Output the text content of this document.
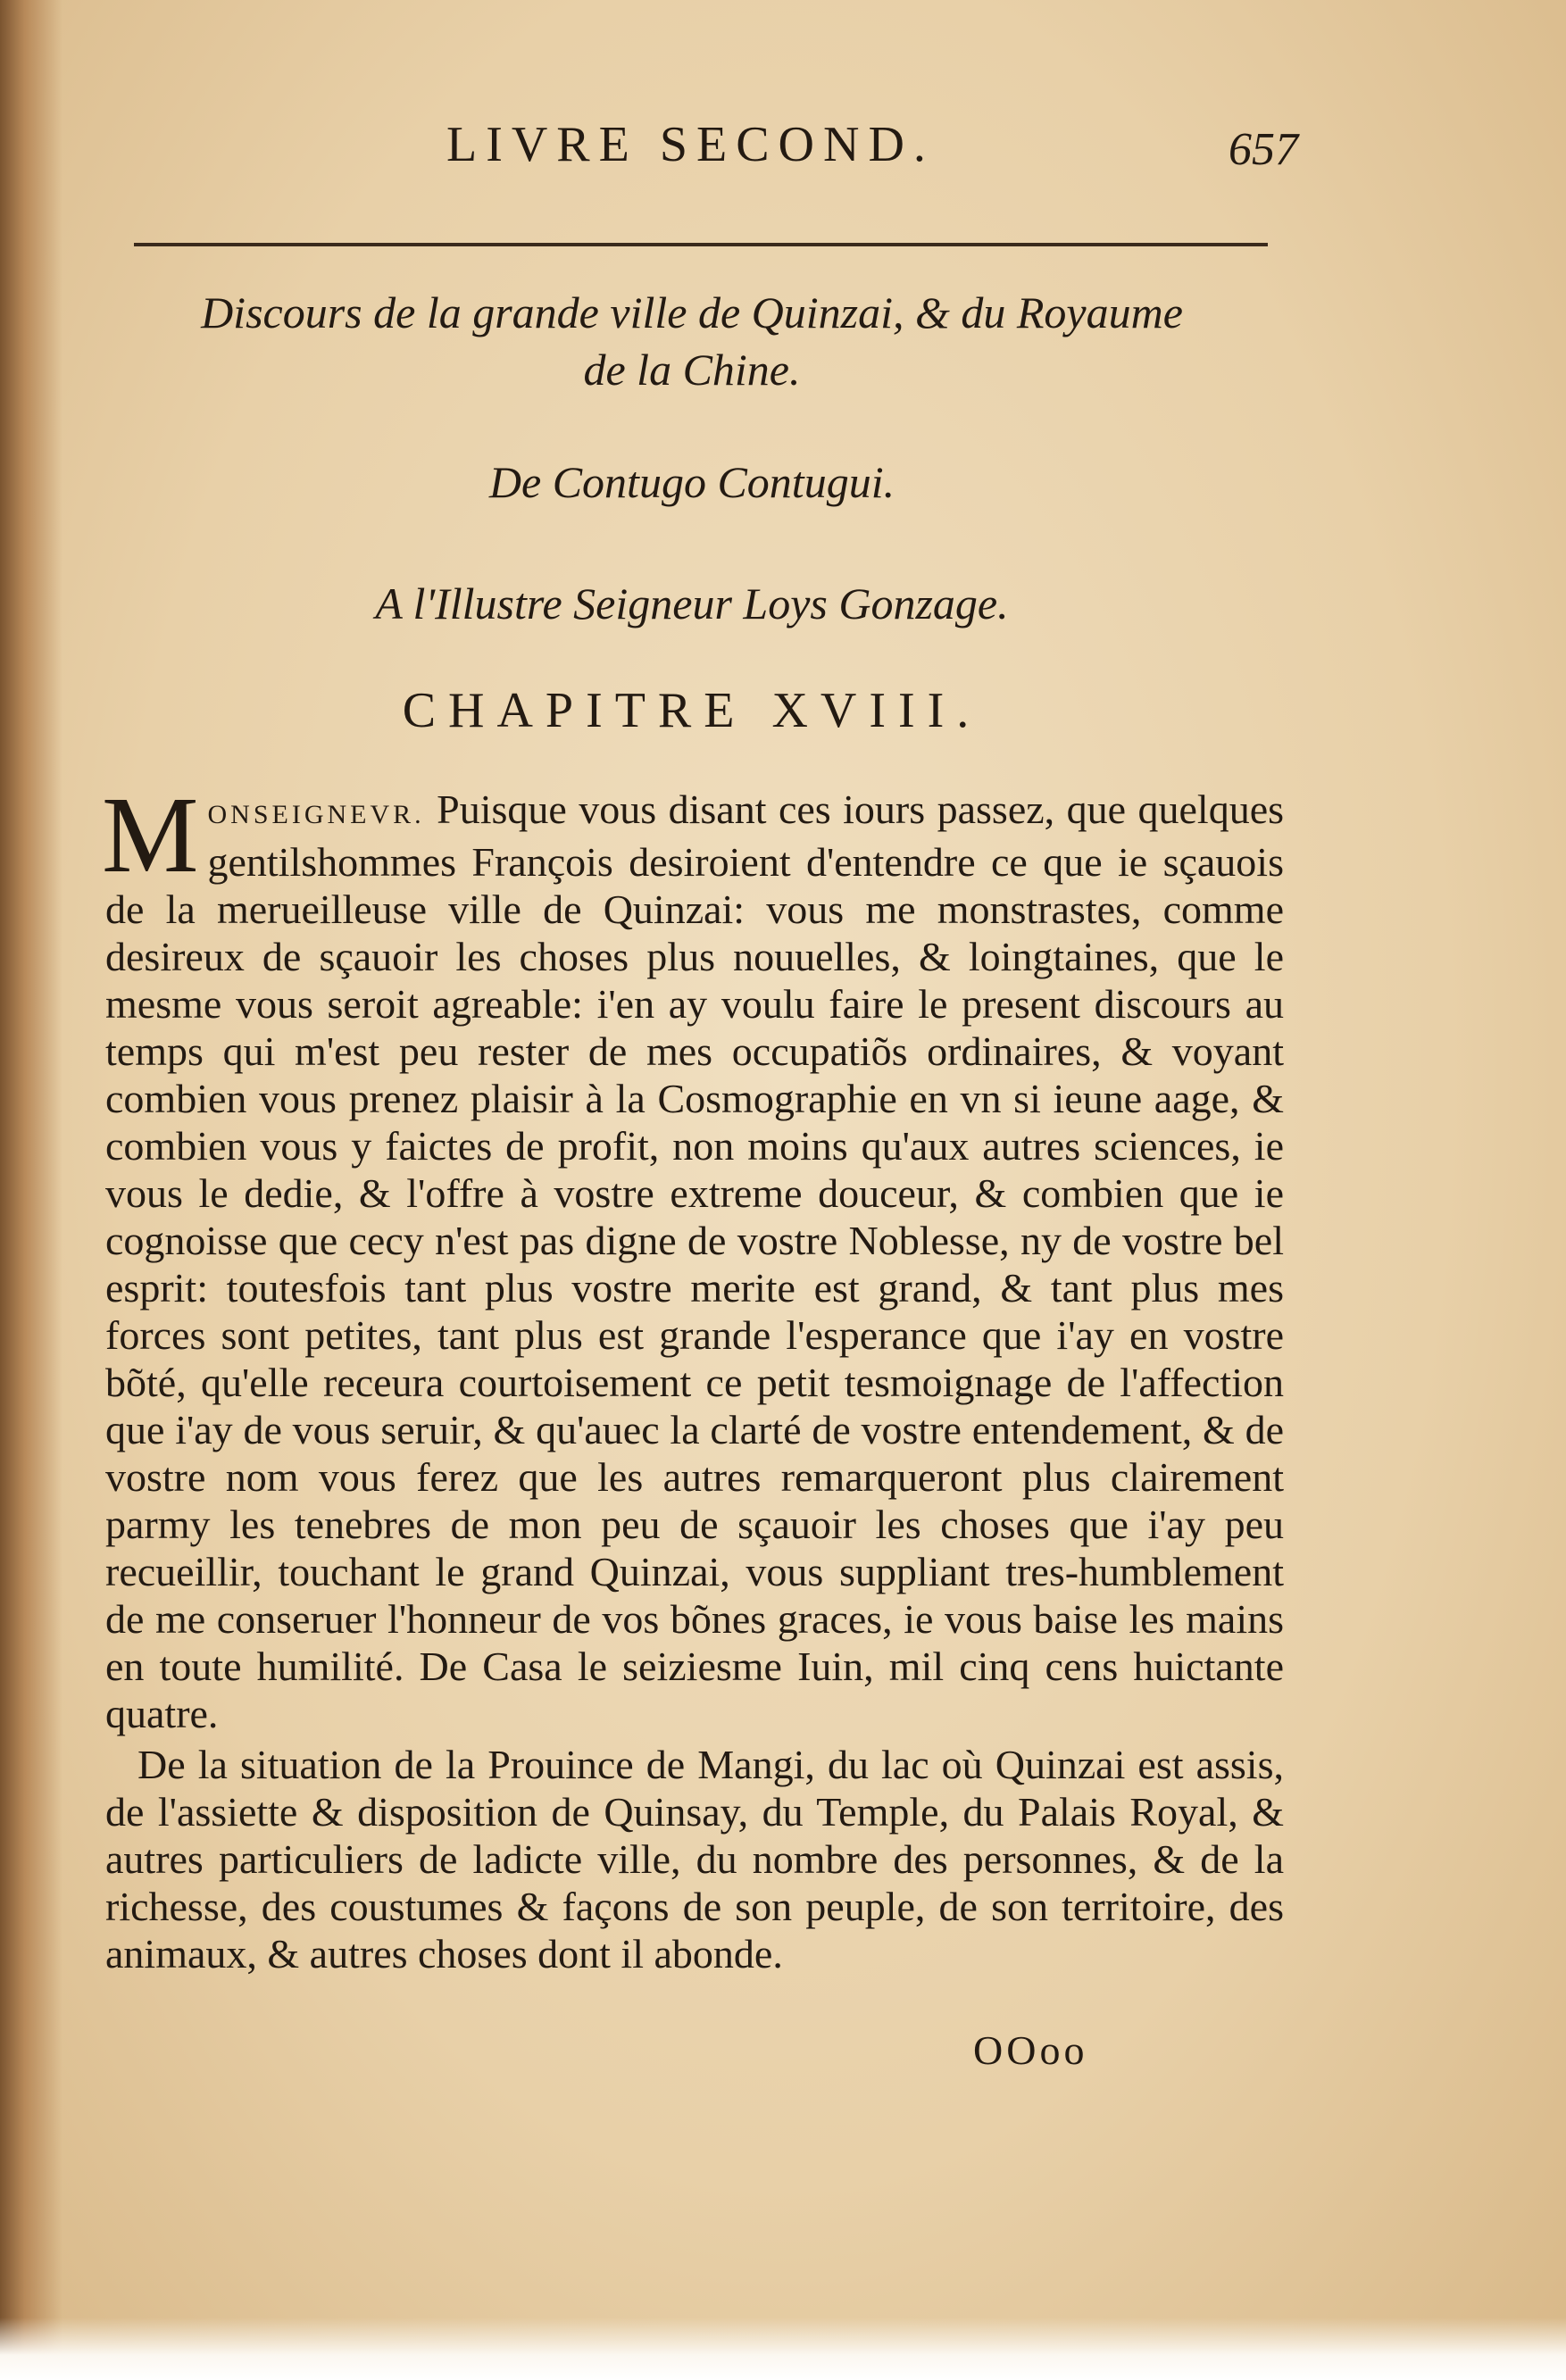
LIVRE SECOND.	657
Discours de la grande ville de Quinzai, & du Royaume
de la Chine.
De Contugo Contugui.
A l'Illustre Seigneur Loys Gonzage.
CHAPITRE XVIII.

MONSEIGNEVR. Puisque vous disant ces iours passez, que quelques gentilshommes François desiroient d'entendre ce que ie sçauois de la merueilleuse ville de Quinzai: vous me monstrastes, comme desireux de sçauoir les choses plus nouuelles, & loingtaines, que le mesme vous seroit agreable: i'en ay voulu faire le present discours au temps qui m'est peu rester de mes occupatiõs ordinaires, & voyant combien vous prenez plaisir à la Cosmographie en vn si ieune aage, & combien vous y faictes de profit, non moins qu'aux autres sciences, ie vous le dedie, & l'offre à vostre extreme douceur, & combien que ie cognoisse que cecy n'est pas digne de vostre Noblesse, ny de vostre bel esprit: toutesfois tant plus vostre merite est grand, & tant plus mes forces sont petites, tant plus est grande l'esperance que i'ay en vostre bõté, qu'elle receura courtoisement ce petit tesmoignage de l'affection que i'ay de vous seruir, & qu'auec la clarté de vostre entendement, & de vostre nom vous ferez que les autres remarqueront plus clairement parmy les tenebres de mon peu de sçauoir les choses que i'ay peu recueillir, touchant le grand Quinzai, vous suppliant tres-humblement de me conseruer l'honneur de vos bõnes graces, ie vous baise les mains en toute humilité. De Casa le seiziesme Iuin, mil cinq cens huictante quatre.

De la situation de la Prouince de Mangi, du lac où Quinzai est assis, de l'assiette & disposition de Quinsay, du Temple, du Palais Royal, & autres particuliers de ladicte ville, du nombre des personnes, & de la richesse, des coustumes & façons de son peuple, de son territoire, des animaux, & autres choses dont il abonde.

OOoo
